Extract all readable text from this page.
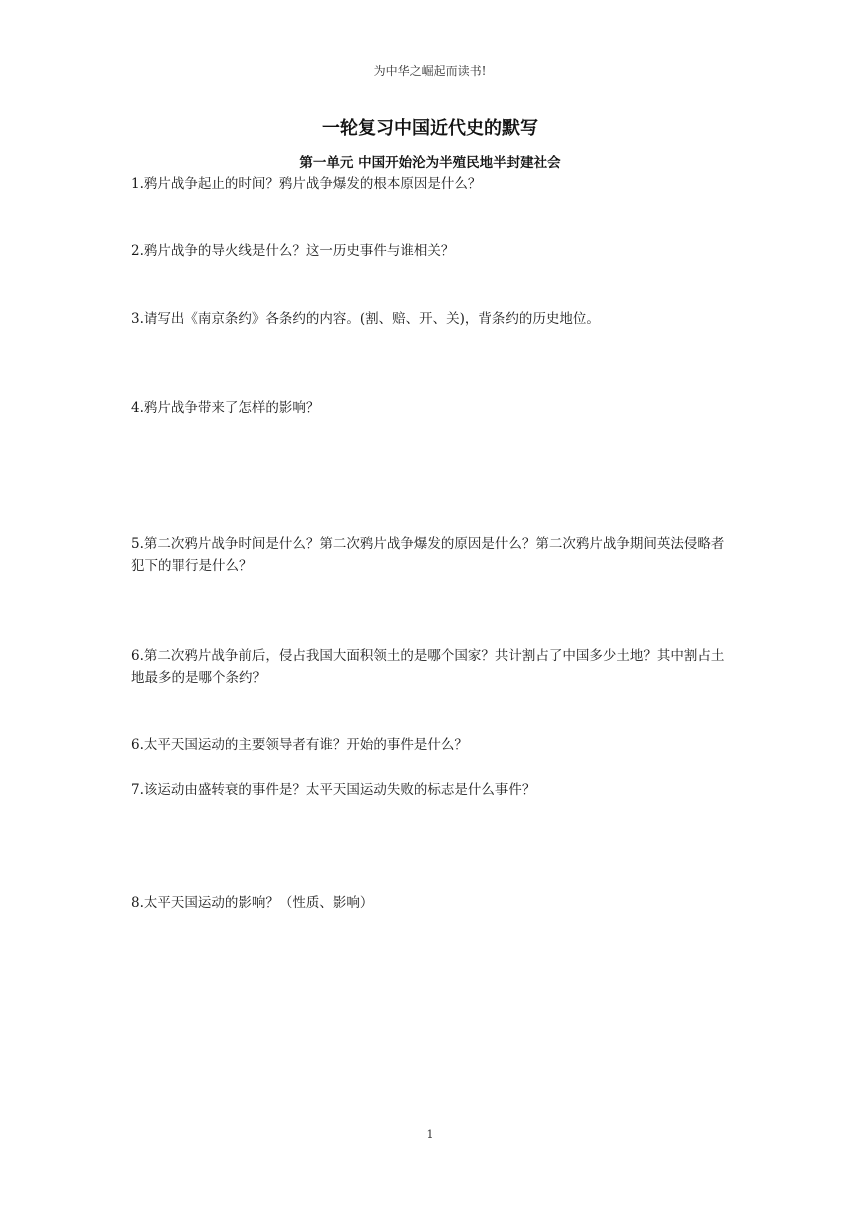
为中华之崛起而读书!
一轮复习中国近代史的默写
第一单元 中国开始沦为半殖民地半封建社会
1.鸦片战争起止的时间？鸦片战争爆发的根本原因是什么？
2.鸦片战争的导火线是什么？这一历史事件与谁相关？
3.请写出《南京条约》各条约的内容。(割、赔、开、关)，背条约的历史地位。
4.鸦片战争带来了怎样的影响？
5.第二次鸦片战争时间是什么？第二次鸦片战争爆发的原因是什么？第二次鸦片战争期间英法侵略者犯下的罪行是什么？
6.第二次鸦片战争前后，侵占我国大面积领土的是哪个国家？共计割占了中国多少土地？其中割占土地最多的是哪个条约？
6.太平天国运动的主要领导者有谁？开始的事件是什么？
7.该运动由盛转衰的事件是？太平天国运动失败的标志是什么事件？
8.太平天国运动的影响？（性质、影响）
1
